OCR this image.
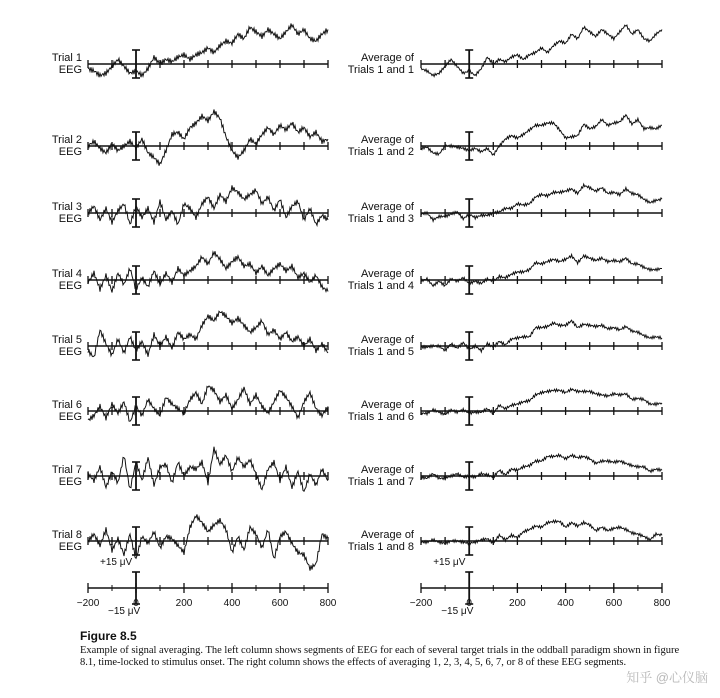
Trial 1
EEG
Trial 2
EEG
Trial 3
EEG
Trial 4
EEG
Trial 5
EEG
Trial 6
EEG
Trial 7
EEG
Trial 8
EEG
−200	0	200	400	600	800
+15 μV
−15 μV
Average of
Trials 1 and 1
Average of
Trials 1 and 2
Average of
Trials 1 and 3
Average of
Trials 1 and 4
Average of
Trials 1 and 5
Average of
Trials 1 and 6
Average of
Trials 1 and 7
Average of
Trials 1 and 8
−200	0	200	400	600	800
+15 μV
−15 μV
Figure 8.5
Example of signal averaging. The left column shows segments of EEG for each of several target trials in the oddball paradigm shown in figure 8.1, time-locked to stimulus onset. The right column shows the effects of averaging 1, 2, 3, 4, 5, 6, 7, or 8 of these EEG segments.
知乎 @心仪脑
